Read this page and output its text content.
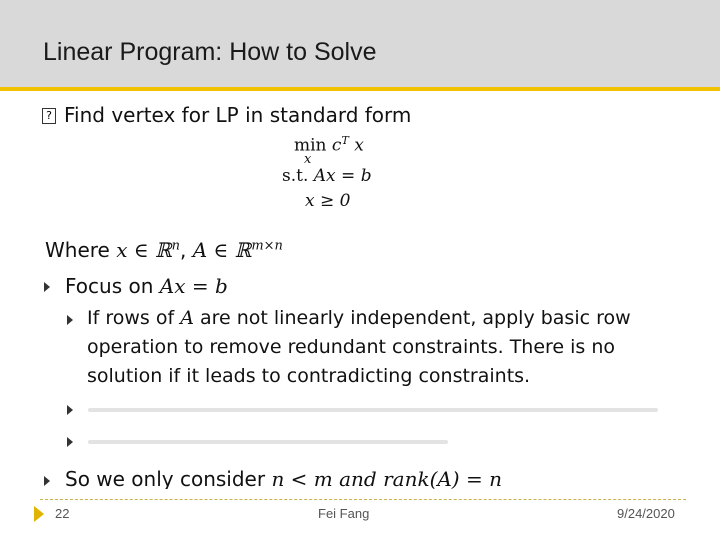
Linear Program: How to Solve
? Find vertex for LP in standard form
$\min c^T$ x
x
s.t. Ax = b
x ≥ 0
Where x ∈ ℝ$^n$, A ∈ ℝ$^{m\times n}$
Focus on Ax = b
If rows of A are not linearly independent, apply basic row
operation to remove redundant constraints. There is no
solution if it leads to contradicting constraints.
So we only consider n < m and rank(A) = n
22	Fei Fang	9/24/2020
